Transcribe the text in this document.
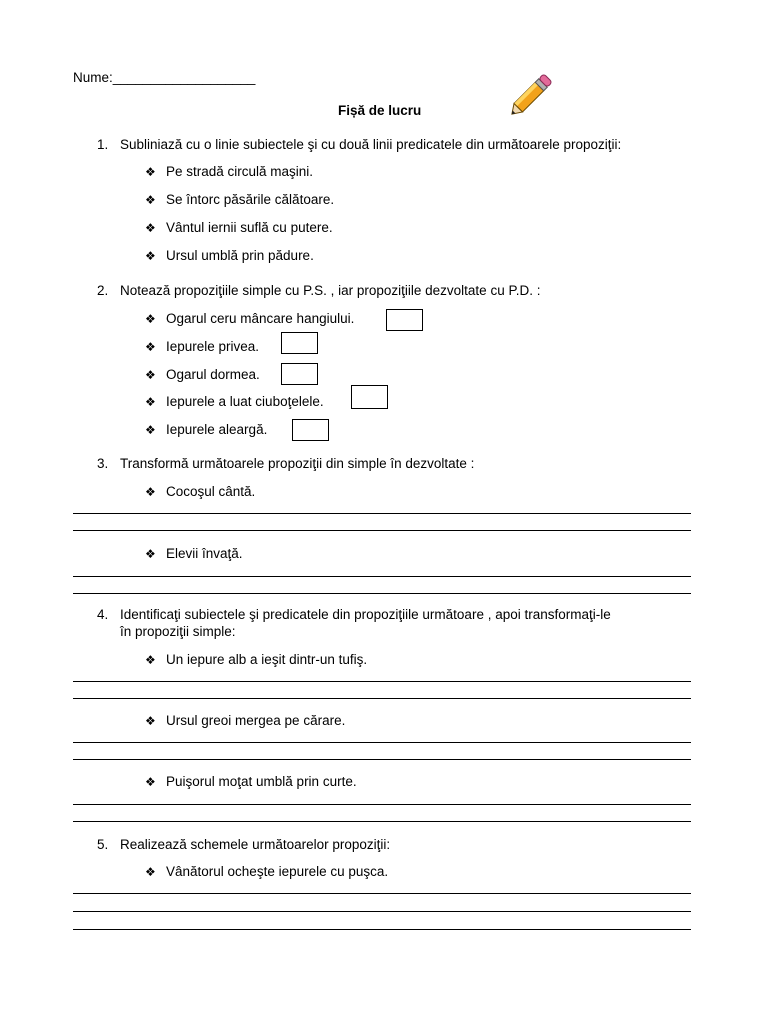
Nume:___________________
Fișă de lucru
1. Subliniază cu o linie subiectele şi cu două linii predicatele din următoarele propoziţii:
❖ Pe stradă circulă maşini.
❖ Se întorc păsările călătoare.
❖ Vântul iernii suflă cu putere.
❖ Ursul umblă prin pădure.
2. Notează propoziţiile simple cu P.S. , iar propoziţiile dezvoltate cu P.D. :
❖ Ogarul ceru mâncare hangiului.
❖ Iepurele privea.
❖ Ogarul dormea.
❖ Iepurele a luat ciuboţelele.
❖ Iepurele aleargă.
3. Transformă următoarele propoziţii din simple în dezvoltate :
❖ Cocoşul cântă.
❖ Elevii învaţă.
4. Identificaţi subiectele şi predicatele din propoziţiile următoare , apoi transformaţi-le
în propoziţii simple:
❖ Un iepure alb a ieşit dintr-un tufiş.
❖ Ursul greoi mergea pe cărare.
❖ Puişorul moţat umblă prin curte.
5. Realizează schemele următoarelor propoziţii:
❖ Vânătorul ocheşte iepurele cu puşca.
